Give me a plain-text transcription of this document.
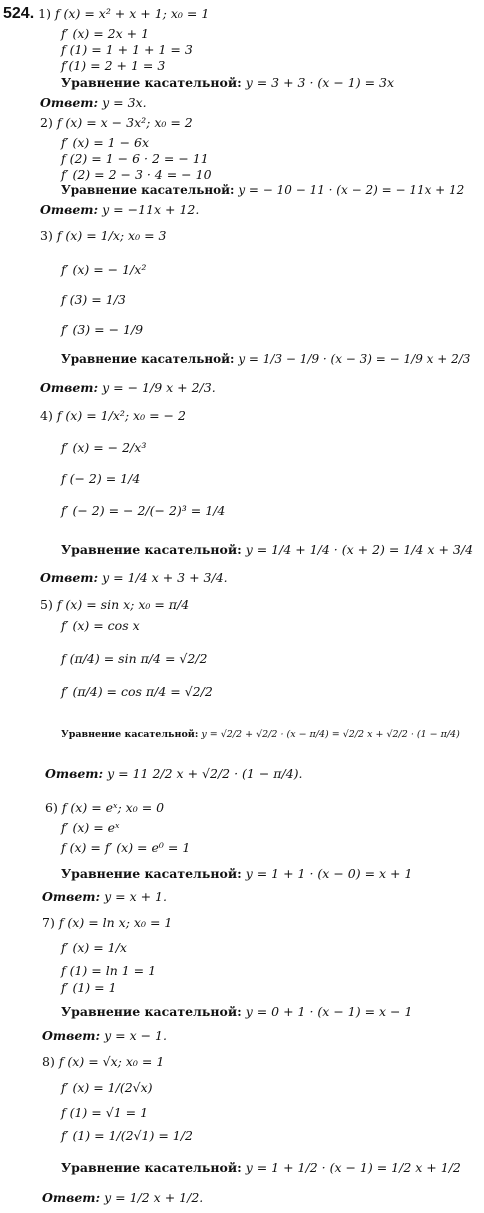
524. 1) f (x) = x² + x + 1; x₀ = 1
f′ (x) = 2x + 1
f (1) = 1 + 1 + 1 = 3
f′(1) = 2 + 1 = 3
Уравнение касательной: y = 3 + 3 · (x − 1) = 3x
Ответ: y = 3x.
2) f (x) = x − 3x²; x₀ = 2
f′ (x) = 1 − 6x
f (2) = 1 − 6 · 2 = − 11
f′ (2) = 2 − 3 · 4 = − 10
Уравнение касательной: y = − 10 − 11 · (x − 2) = − 11x + 12
Ответ: y = −11x + 12.
3) f (x) = 1/x; x₀ = 3
f′ (x) = − 1/x²
f (3) = 1/3
f′ (3) = − 1/9
Уравнение касательной: y = 1/3 − 1/9 · (x − 3) = − 1/9 x + 2/3
Ответ: y = − 1/9 x + 2/3.
4) f (x) = 1/x²; x₀ = − 2
f′ (x) = − 2/x³
f (− 2) = 1/4
f′ (− 2) = − 2/(− 2)³ = 1/4
Уравнение касательной: y = 1/4 + 1/4 · (x + 2) = 1/4 x + 3/4
Ответ: y = 1/4 x + 3 + 3/4.
5) f (x) = sin x; x₀ = π/4
f′ (x) = cos x
f (π/4) = sin π/4 = √2/2
f′ (π/4) = cos π/4 = √2/2
Уравнение касательной: y = √2/2 + √2/2 · (x − π/4) = √2/2 x + √2/2 · (1 − π/4)
Ответ: y = 11 2/2 x + √2/2 · (1 − π/4).
6) f (x) = eˣ; x₀ = 0
f′ (x) = eˣ
f (x) = f′ (x) = e⁰ = 1
Уравнение касательной: y = 1 + 1 · (x − 0) = x + 1
Ответ: y = x + 1.
7) f (x) = ln x; x₀ = 1
f′ (x) = 1/x
f (1) = ln 1 = 1
f′ (1) = 1
Уравнение касательной: y = 0 + 1 · (x − 1) = x − 1
Ответ: y = x − 1.
8) f (x) = √x; x₀ = 1
f′ (x) = 1/(2√x)
f (1) = √1 = 1
f′ (1) = 1/(2√1) = 1/2
Уравнение касательной: y = 1 + 1/2 · (x − 1) = 1/2 x + 1/2
Ответ: y = 1/2 x + 1/2.
